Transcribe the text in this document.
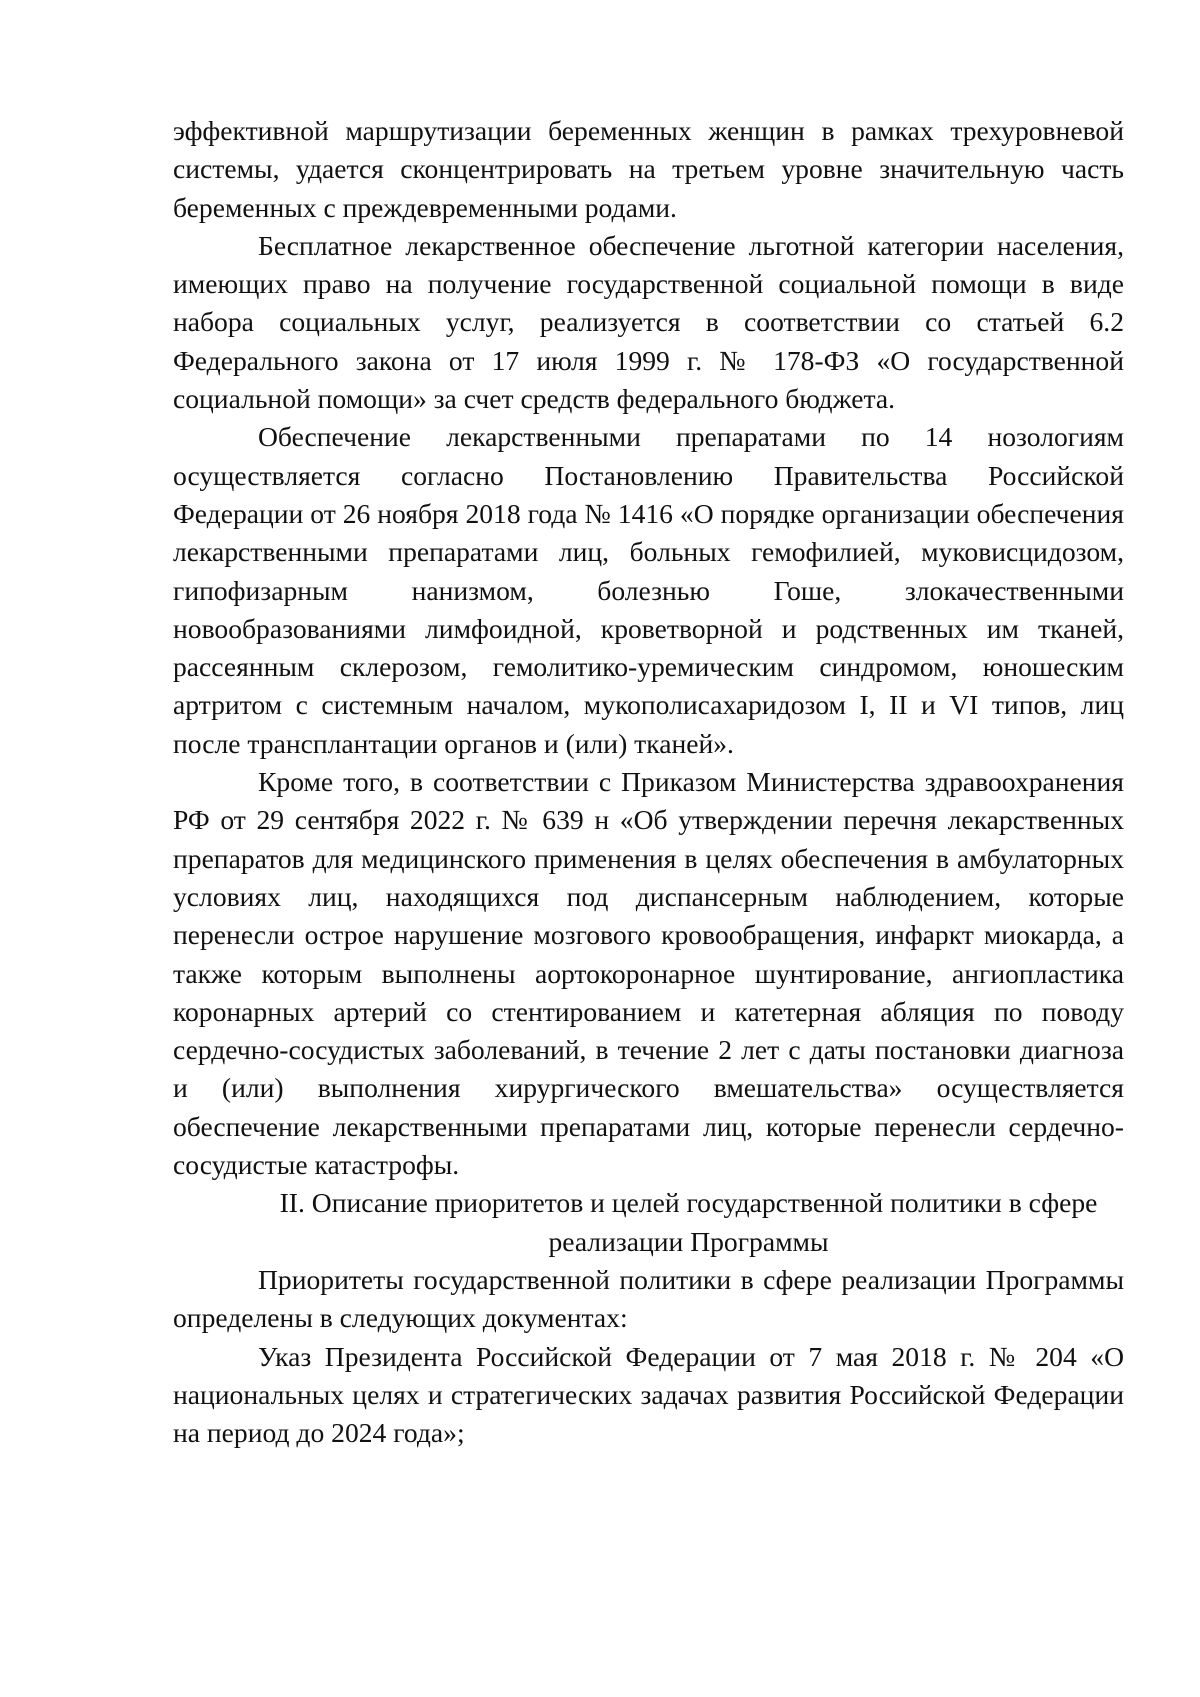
эффективной маршрутизации беременных женщин в рамках трехуровневой системы, удается сконцентрировать на третьем уровне значительную часть беременных с преждевременными родами.

Бесплатное лекарственное обеспечение льготной категории населения, имеющих право на получение государственной социальной помощи в виде набора социальных услуг, реализуется в соответствии со статьей 6.2 Федерального закона от 17 июля 1999 г. № 178-ФЗ «О государственной социальной помощи» за счет средств федерального бюджета.

Обеспечение лекарственными препаратами по 14 нозологиям осуществляется согласно Постановлению Правительства Российской Федерации от 26 ноября 2018 года № 1416 «О порядке организации обеспечения лекарственными препаратами лиц, больных гемофилией, муковисцидозом, гипофизарным нанизмом, болезнью Гоше, злокачественными новообразованиями лимфоидной, кроветворной и родственных им тканей, рассеянным склерозом, гемолитико-уремическим синдромом, юношеским артритом с системным началом, мукополисахаридозом I, II и VI типов, лиц после трансплантации органов и (или) тканей».

Кроме того, в соответствии с Приказом Министерства здравоохранения РФ от 29 сентября 2022 г. № 639 н «Об утверждении перечня лекарственных препаратов для медицинского применения в целях обеспечения в амбулаторных условиях лиц, находящихся под диспансерным наблюдением, которые перенесли острое нарушение мозгового кровообращения, инфаркт миокарда, а также которым выполнены аортокоронарное шунтирование, ангиопластика коронарных артерий со стентированием и катетерная абляция по поводу сердечно-сосудистых заболеваний, в течение 2 лет с даты постановки диагноза и (или) выполнения хирургического вмешательства» осуществляется обеспечение лекарственными препаратами лиц, которые перенесли сердечно-сосудистые катастрофы.

II. Описание приоритетов и целей государственной политики в сфере реализации Программы

Приоритеты государственной политики в сфере реализации Программы определены в следующих документах:

Указ Президента Российской Федерации от 7 мая 2018 г. № 204 «О национальных целях и стратегических задачах развития Российской Федерации на период до 2024 года»;
